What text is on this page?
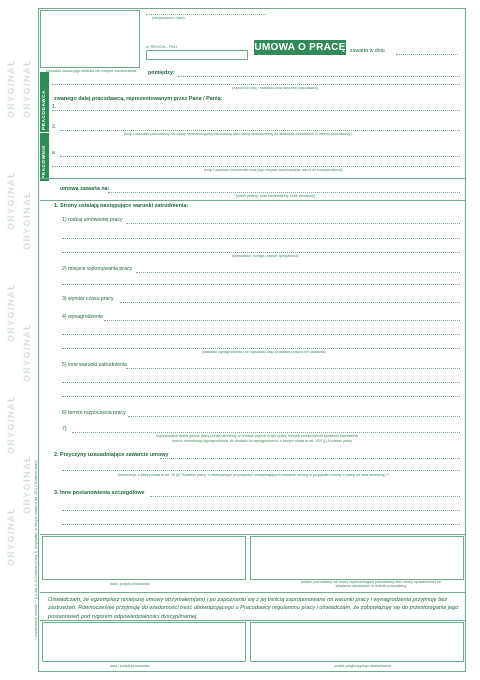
ORYGINAŁ
ORYGINAŁ
ORYGINAŁ
ORYGINAŁ
ORYGINAŁ
ORYGINAŁ
ORYGINAŁ
ORYGINAŁ
ORYGINAŁ * niepotrzebne skreślić ** § 2 ust. 3 i 4 Kodeksu pracy, tj. przypadku, w którym mowa w art. 25 § 2 Kodeksu pracy
PRACODAWCA
PRACOWNIK
pieczątka nazwa jego siedziba lub miejsce zamieszkania
(miejscowość i data)
nr REGON - PKD	UMOWA O PRACĘ zawarta w dniu
pomiędzy:
(nazwa lub imię i nazwisko oraz siedziba pracodawcy)
zwanego dalej pracodawcą, reprezentowanym przez Pana / Panią:
2.
1.
(imię i nazwisko pracodawcy lub osoby reprezentującej pracodawcę albo osoby upoważnionej do składania oświadczeń w imieniu pracodawcy)
a
(imię i nazwisko pracownika oraz jego miejsce zamieszkania, adres do korespondencji)
umowa zawarta na:
(okres próbny, czas nieokreślony, czas określony)
1. Strony ustalają następujące warunki zatrudnienia:
1) rodzaj umówionej pracy
(stanowisko, funkcja, zawód, specjalność)
2) miejsce wykonywania pracy
3) wymiar czasu pracy
4) wynagrodzenie
(składniki wynagrodzenia i ich wysokość oraz podstawa prawna ich ustalenia)
5) inne warunki zatrudnienia
6) termin rozpoczęcia pracy
7)
dopuszczalna liczba godzin pracy ponad określony w umowie wymiar czasu pracy, których przekroczenie uprawnia pracownika,
oprócz normalnego wynagrodzenia, do dodatku do wynagrodzenia, o którym mowa w art. 151¹ §1 Kodeksu pracy
2. Przyczyny uzasadniające zawarcie umowy
(informacja, o której mowa w art. 29 §1¹ Kodeksu pracy, o obiektywnych przyczynach uzasadniających zawarcie umowy w przypadku umowy o pracę na czas określony) **
3. Inne postanowienia szczegółowe
data i podpis pracownika	podpis pracodawcy lub osoby reprezentującej pracodawcę albo osoby upoważnionej do składania oświadczeń w imieniu pracodawcy
Oświadczam, że egzemplarz niniejszej umowy otrzymałem(am) i po zapoznaniu się z jej treścią zaproponowane mi warunki pracy i wynagrodzenia przyjmuję bez zastrzeżeń. Równocześnie przyjmuję do wiadomości treść obowiązującego u Pracodawcy regulaminu pracy i oświadczam, że zobowiązuję się do przestrzegania jego postanowień pod rygorem odpowiedzialności dyscyplinarnej.
data i podpis pracownika	podpis przyjmującego oświadczenie
